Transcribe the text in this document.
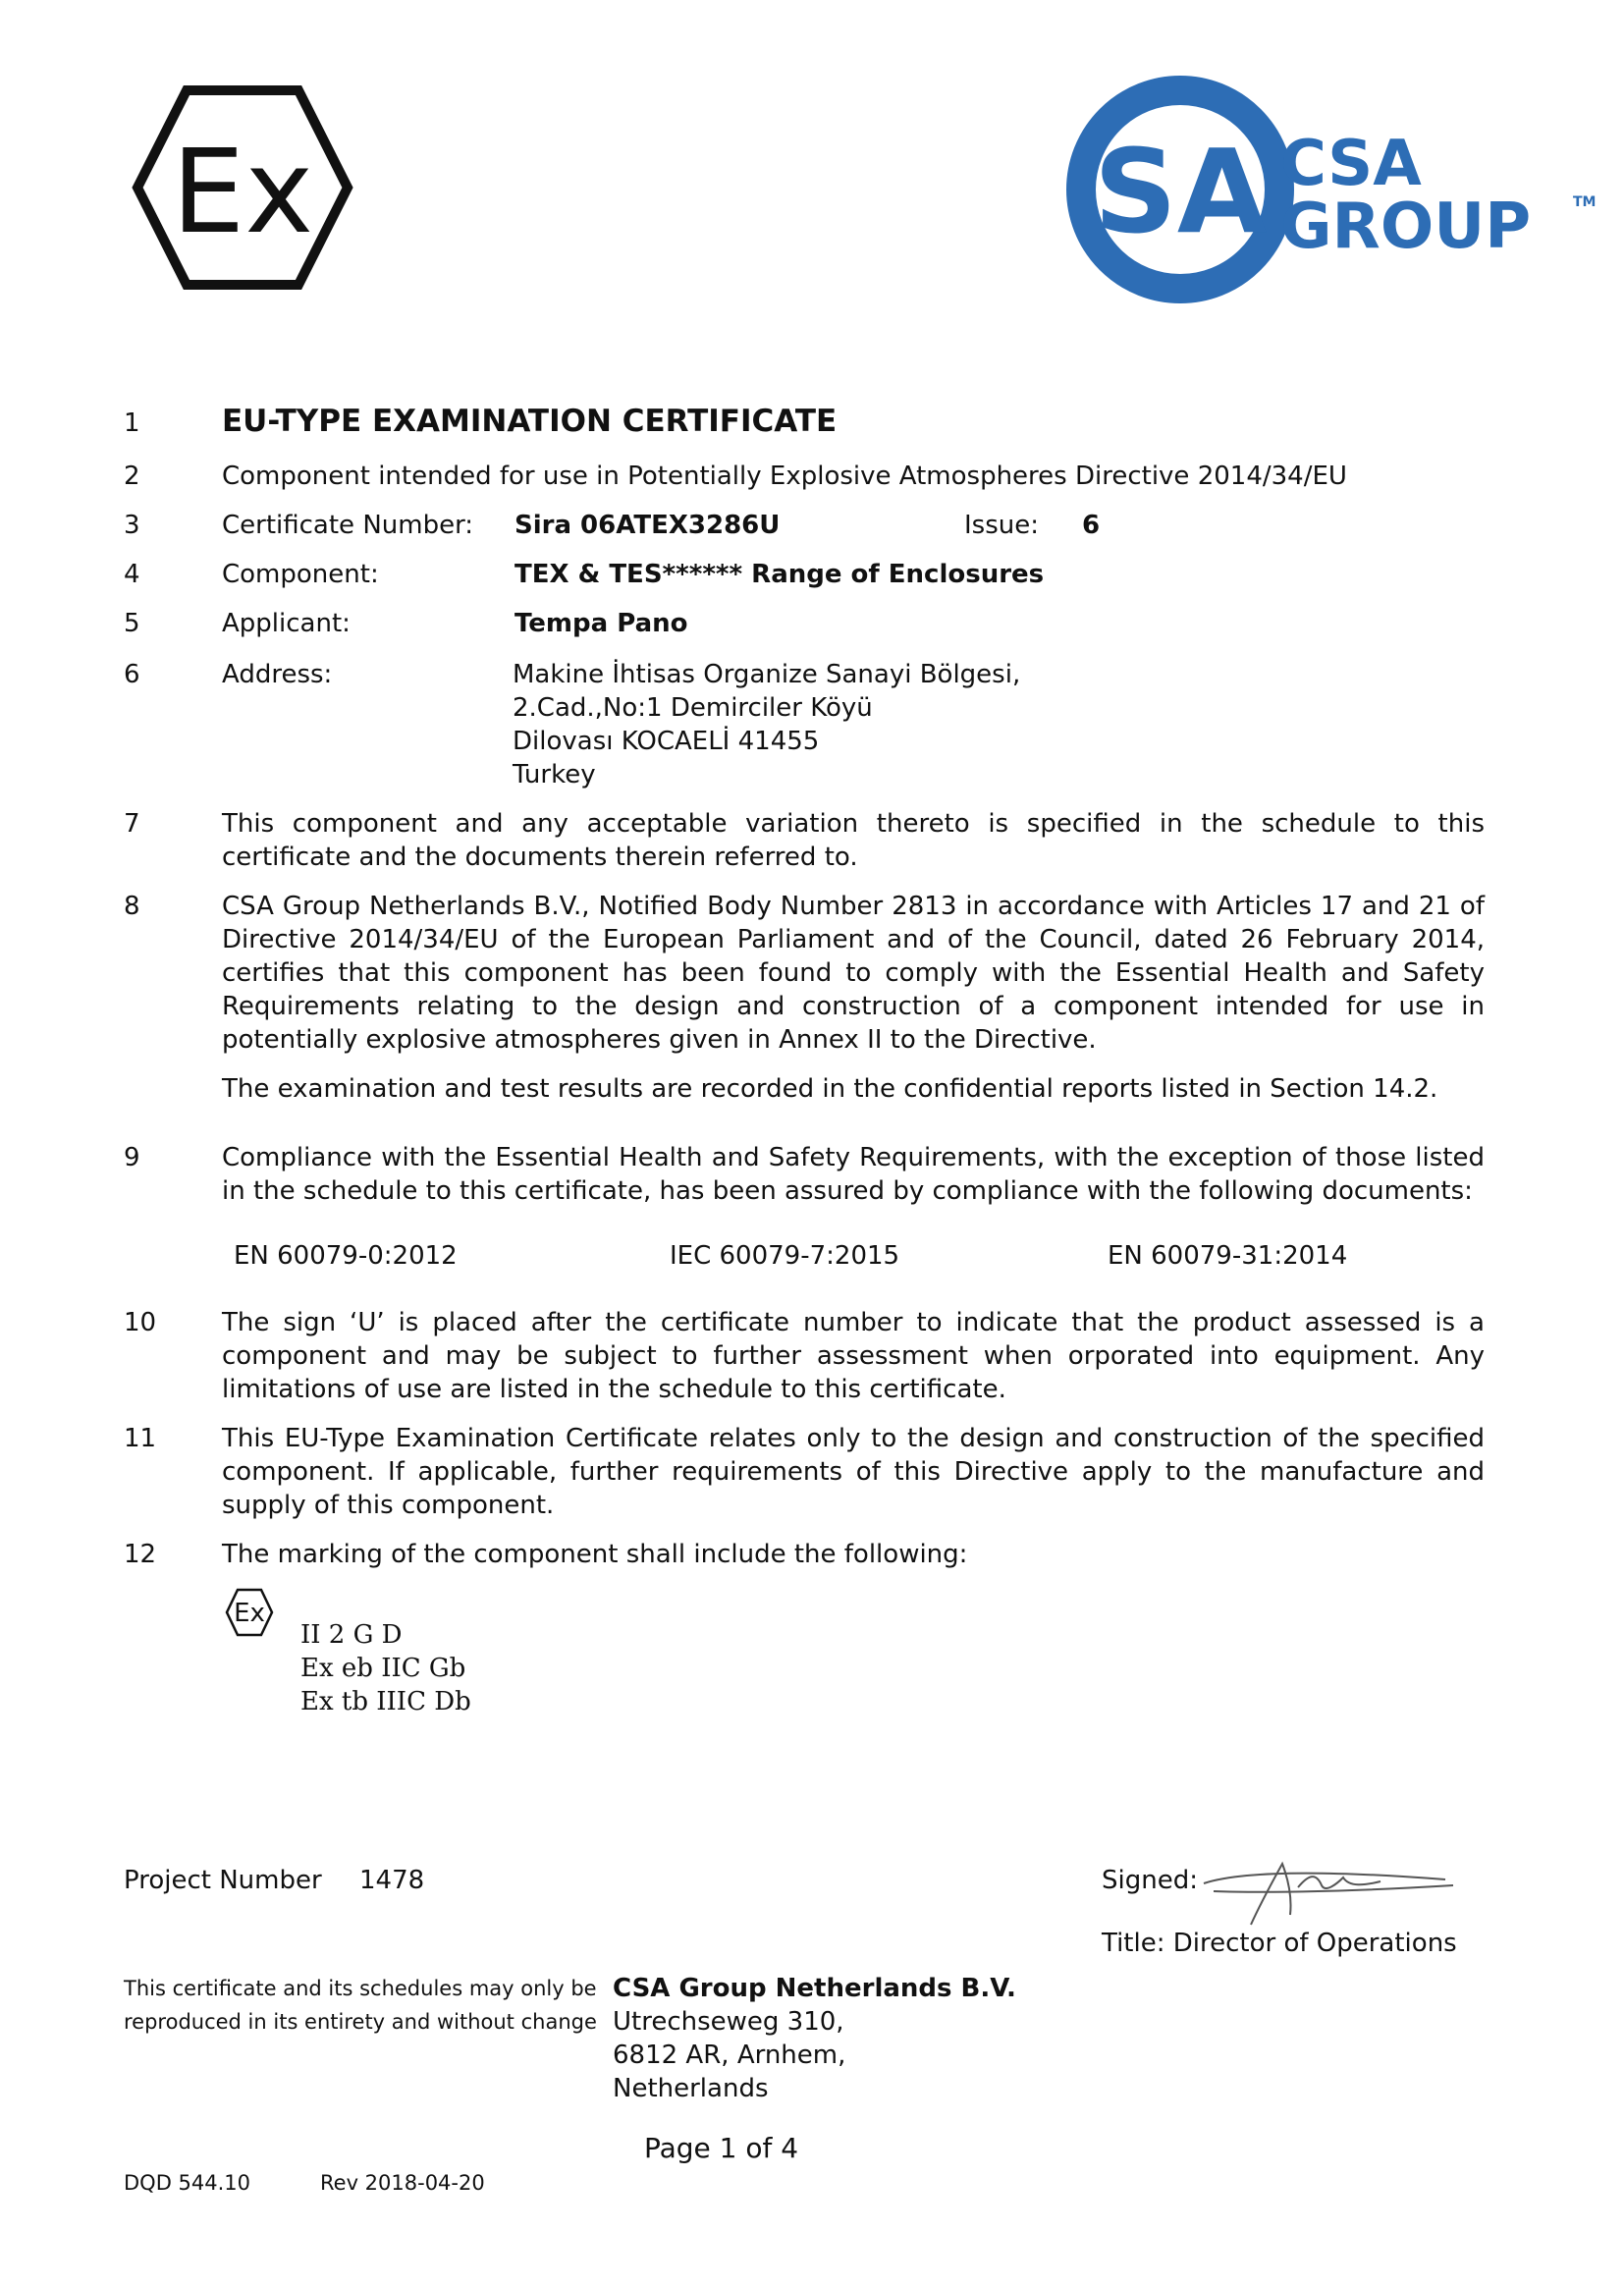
Ex	SA CSA
GROUP	TM
1	EU-TYPE EXAMINATION CERTIFICATE
2	Component intended for use in Potentially Explosive Atmospheres Directive 2014/34/EU
3	Certificate Number: Sira 06ATEX3286U	Issue: 6
4	Component:	TEX & TES****** Range of Enclosures
5	Applicant:	Tempa Pano
6	Address:	Makine İhtisas Organize Sanayi Bölgesi,
2.Cad.,No:1 Demirciler Köyü
Dilovası KOCAELİ 41455
Turkey
7	This component and any acceptable variation thereto is specified in the schedule to this certificate and the documents therein referred to.
8	CSA Group Netherlands B.V., Notified Body Number 2813 in accordance with Articles 17 and 21 of Directive 2014/34/EU of the European Parliament and of the Council, dated 26 February 2014, certifies that this component has been found to comply with the Essential Health and Safety Requirements relating to the design and construction of a component intended for use in potentially explosive atmospheres given in Annex II to the Directive.
The examination and test results are recorded in the confidential reports listed in Section 14.2.
9	Compliance with the Essential Health and Safety Requirements, with the exception of those listed in the schedule to this certificate, has been assured by compliance with the following documents:
EN 60079-0:2012	IEC 60079-7:2015	EN 60079-31:2014
10	The sign ‘U’ is placed after the certificate number to indicate that the product assessed is a component and may be subject to further assessment when orporated into equipment. Any limitations of use are listed in the schedule to this certificate.
11	This EU-Type Examination Certificate relates only to the design and construction of the specified component. If applicable, further requirements of this Directive apply to the manufacture and supply of this component.
12	The marking of the component shall include the following:
Ex
II 2 G D
Ex eb IIC Gb
Ex tb IIIC Db
Project Number 1478	Signed:
Title: Director of Operations
This certificate and its schedules may only be
reproduced in its entirety and without change
CSA Group Netherlands B.V.
Utrechseweg 310,
6812 AR, Arnhem,
Netherlands
Page 1 of 4
DQD 544.10	Rev 2018-04-20
